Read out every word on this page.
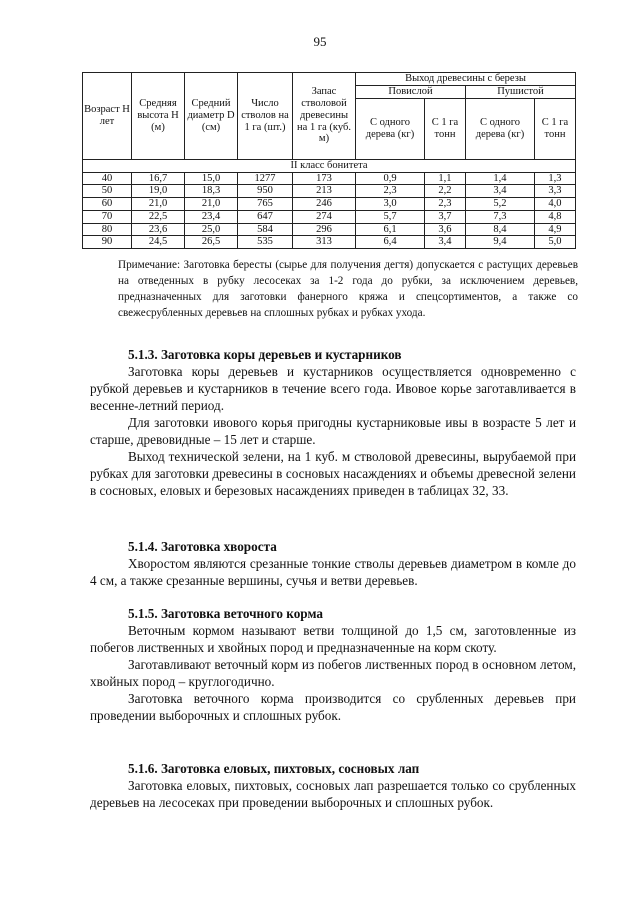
95
Возраст Н лет	Средняя высота Н (м)	Средний диаметр D (см)	Число стволов на 1 га (шт.)	Запас стволовой древесины на 1 га (куб. м)	Выход древесины с березы			
					Повислой		Пушистой	
					С одного дерева (кг)	С 1 га тонн	С одного дерева (кг)	С 1 га тонн
II класс бонитета								
40	16,7	15,0	1277	173	0,9	1,1	1,4	1,3
50	19,0	18,3	950	213	2,3	2,2	3,4	3,3
60	21,0	21,0	765	246	3,0	2,3	5,2	4,0
70	22,5	23,4	647	274	5,7	3,7	7,3	4,8
80	23,6	25,0	584	296	6,1	3,6	8,4	4,9
90	24,5	26,5	535	313	6,4	3,4	9,4	5,0
Примечание: Заготовка бересты (сырье для получения дегтя) допускается с растущих деревьев на отведенных в рубку лесосеках за 1-2 года до рубки, за исключением деревьев, предназначенных для заготовки фанерного кряжа и спецсортиментов, а также со свежесрубленных деревьев на сплошных рубках и рубках ухода.
5.1.3. Заготовка коры деревьев и кустарников

Заготовка коры деревьев и кустарников осуществляется одновременно с рубкой деревьев и кустарников в течение всего года. Ивовое корье заготавливается в весенне-летний период.

Для заготовки ивового корья пригодны кустарниковые ивы в возрасте 5 лет и старше, древовидные – 15 лет и старше.

Выход технической зелени, на 1 куб. м стволовой древесины, вырубаемой при рубках для заготовки древесины в сосновых насаждениях и объемы древесной зелени в сосновых, еловых и березовых насаждениях приведен в таблицах 32, 33.

5.1.4. Заготовка хвороста

Хворостом являются срезанные тонкие стволы деревьев диаметром в комле до 4 см, а также срезанные вершины, сучья и ветви деревьев.

5.1.5. Заготовка веточного корма

Веточным кормом называют ветви толщиной до 1,5 см, заготовленные из побегов лиственных и хвойных пород и предназначенные на корм скоту.

Заготавливают веточный корм из побегов лиственных пород в основном летом, хвойных пород – круглогодично.

Заготовка веточного корма производится со срубленных деревьев при проведении выборочных и сплошных рубок.

5.1.6. Заготовка еловых, пихтовых, сосновых лап

Заготовка еловых, пихтовых, сосновых лап разрешается только со срубленных деревьев на лесосеках при проведении выборочных и сплошных рубок.
